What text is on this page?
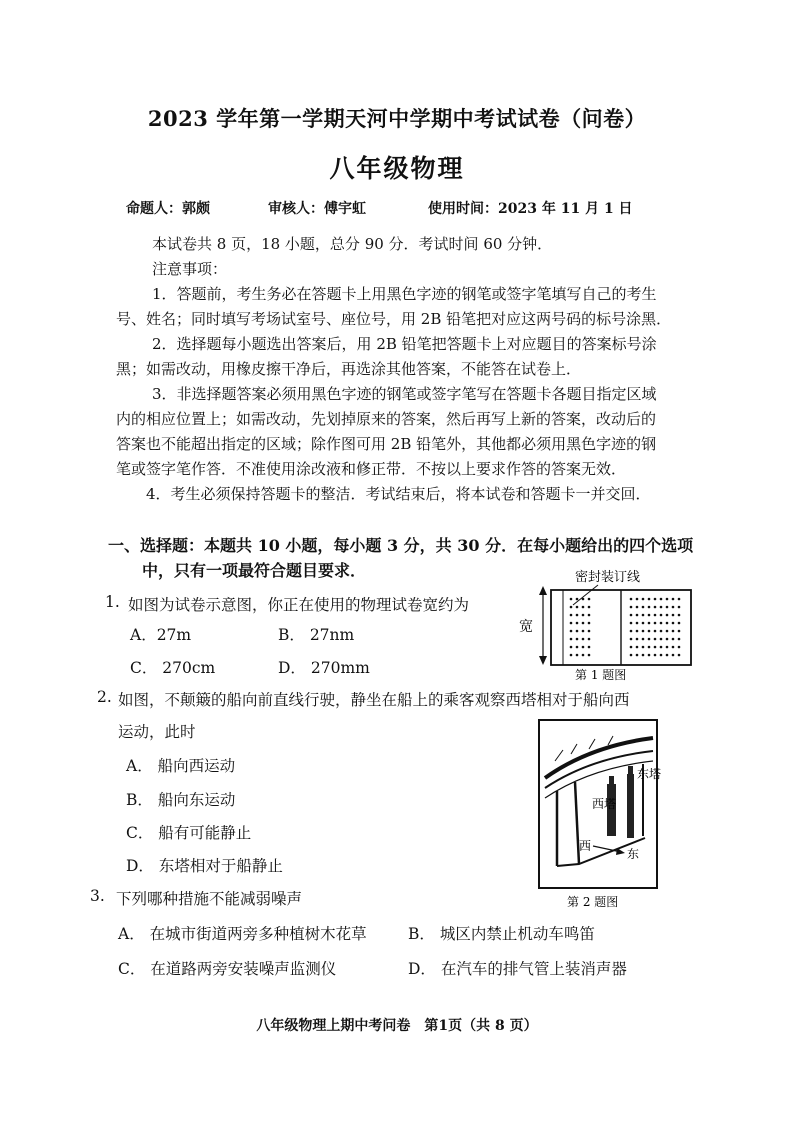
2023 学年第一学期天河中学期中考试试卷（问卷）
八年级物理
命题人：郭颇	审核人：傅宇虹	使用时间：2023 年 11 月 1 日
本试卷共 8 页，18 小题，总分 90 分．考试时间 60 分钟．
注意事项：
1．答题前，考生务必在答题卡上用黑色字迹的钢笔或签字笔填写自己的考生
号、姓名；同时填写考场试室号、座位号，用 2B 铅笔把对应这两号码的标号涂黑．
2．选择题每小题选出答案后，用 2B 铅笔把答题卡上对应题目的答案标号涂
黑；如需改动，用橡皮擦干净后，再选涂其他答案，不能答在试卷上．
3．非选择题答案必须用黑色字迹的钢笔或签字笔写在答题卡各题目指定区域
内的相应位置上；如需改动，先划掉原来的答案，然后再写上新的答案，改动后的
答案也不能超出指定的区域；除作图可用 2B 铅笔外，其他都必须用黑色字迹的钢
笔或签字笔作答．不准使用涂改液和修正带．不按以上要求作答的答案无效．
4．考生必须保持答题卡的整洁．考试结束后，将本试卷和答题卡一并交回．
一、选择题：本题共 10 小题，每小题 3 分，共 30 分．在每小题给出的四个选项
中，只有一项最符合题目要求．
1. 如图为试卷示意图，你正在使用的物理试卷宽约为
A．27m	B． 27nm
C． 270cm	D． 270mm
密封装订线
宽
第 1 题图
2. 如图，不颠簸的船向前直线行驶，静坐在船上的乘客观察西塔相对于船向西
运动，此时
A． 船向西运动
B． 船向东运动
C． 船有可能静止
D． 东塔相对于船静止
西塔
东塔
西
东
第 2 题图
3. 下列哪种措施不能减弱噪声
A． 在城市街道两旁多种植树木花草	B． 城区内禁止机动车鸣笛
C． 在道路两旁安装噪声监测仪	D． 在汽车的排气管上装消声器
八年级物理上期中考问卷　第1页（共 8 页）
